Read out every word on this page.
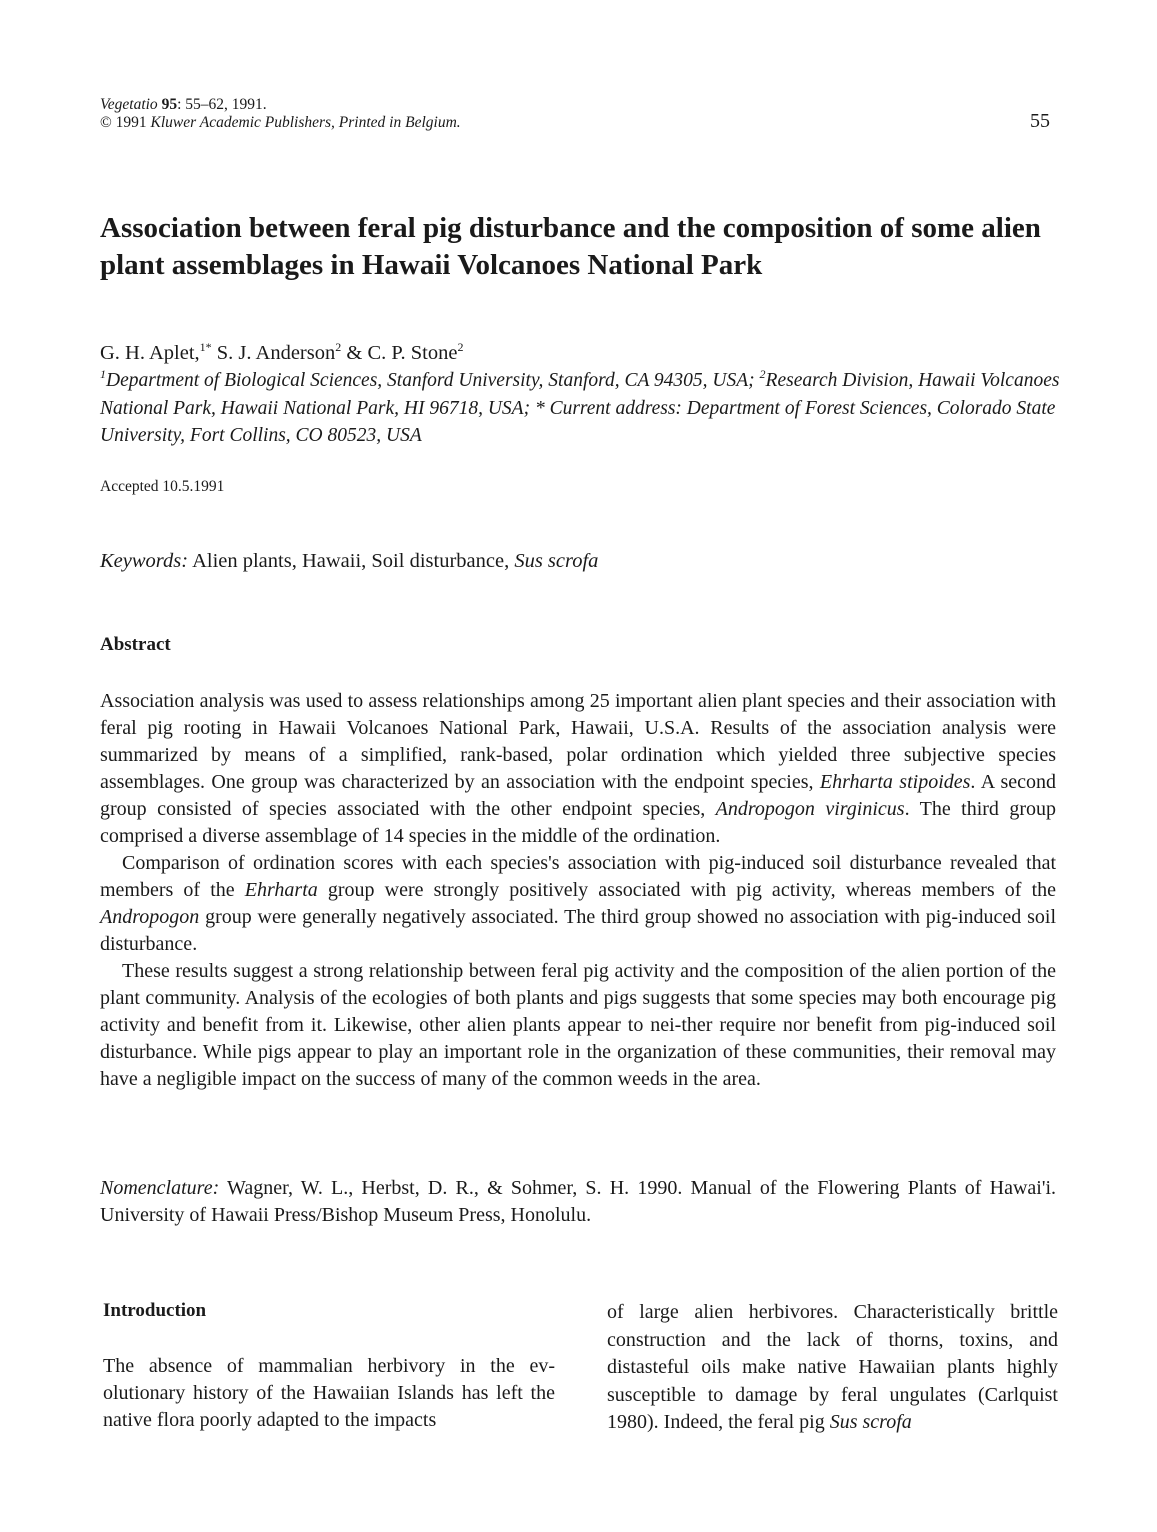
Vegetatio 95: 55–62, 1991.
© 1991 Kluwer Academic Publishers, Printed in Belgium.	55
Association between feral pig disturbance and the composition of some alien plant assemblages in Hawaii Volcanoes National Park
G. H. Aplet,$^{1*}$ S. J. Anderson$^2$ & C. P. Stone$^2$
$^1$Department of Biological Sciences, Stanford University, Stanford, CA 94305, USA; $^2$Research Division, Hawaii Volcanoes National Park, Hawaii National Park, HI 96718, USA; * Current address: Department of Forest Sciences, Colorado State University, Fort Collins, CO 80523, USA
Accepted 10.5.1991
Keywords: Alien plants, Hawaii, Soil disturbance, Sus scrofa
Abstract

Association analysis was used to assess relationships among 25 important alien plant species and their association with feral pig rooting in Hawaii Volcanoes National Park, Hawaii, U.S.A. Results of the association analysis were summarized by means of a simplified, rank-based, polar ordination which yielded three subjective species assemblages. One group was characterized by an association with the endpoint species, Ehrharta stipoides. A second group consisted of species associated with the other endpoint species, Andropogon virginicus. The third group comprised a diverse assemblage of 14 species in the middle of the ordination.

Comparison of ordination scores with each species's association with pig-induced soil disturbance revealed that members of the Ehrharta group were strongly positively associated with pig activity, whereas members of the Andropogon group were generally negatively associated. The third group showed no association with pig-induced soil disturbance.

These results suggest a strong relationship between feral pig activity and the composition of the alien portion of the plant community. Analysis of the ecologies of both plants and pigs suggests that some species may both encourage pig activity and benefit from it. Likewise, other alien plants appear to nei-ther require nor benefit from pig-induced soil disturbance. While pigs appear to play an important role in the organization of these communities, their removal may have a negligible impact on the success of many of the common weeds in the area.

Nomenclature: Wagner, W. L., Herbst, D. R., & Sohmer, S. H. 1990. Manual of the Flowering Plants of Hawai'i. University of Hawaii Press/Bishop Museum Press, Honolulu.
Introduction
The absence of mammalian herbivory in the ev-olutionary history of the Hawaiian Islands has left the native flora poorly adapted to the impacts
of large alien herbivores. Characteristically brittle construction and the lack of thorns, toxins, and distasteful oils make native Hawaiian plants highly susceptible to damage by feral ungulates (Carlquist 1980). Indeed, the feral pig Sus scrofa
